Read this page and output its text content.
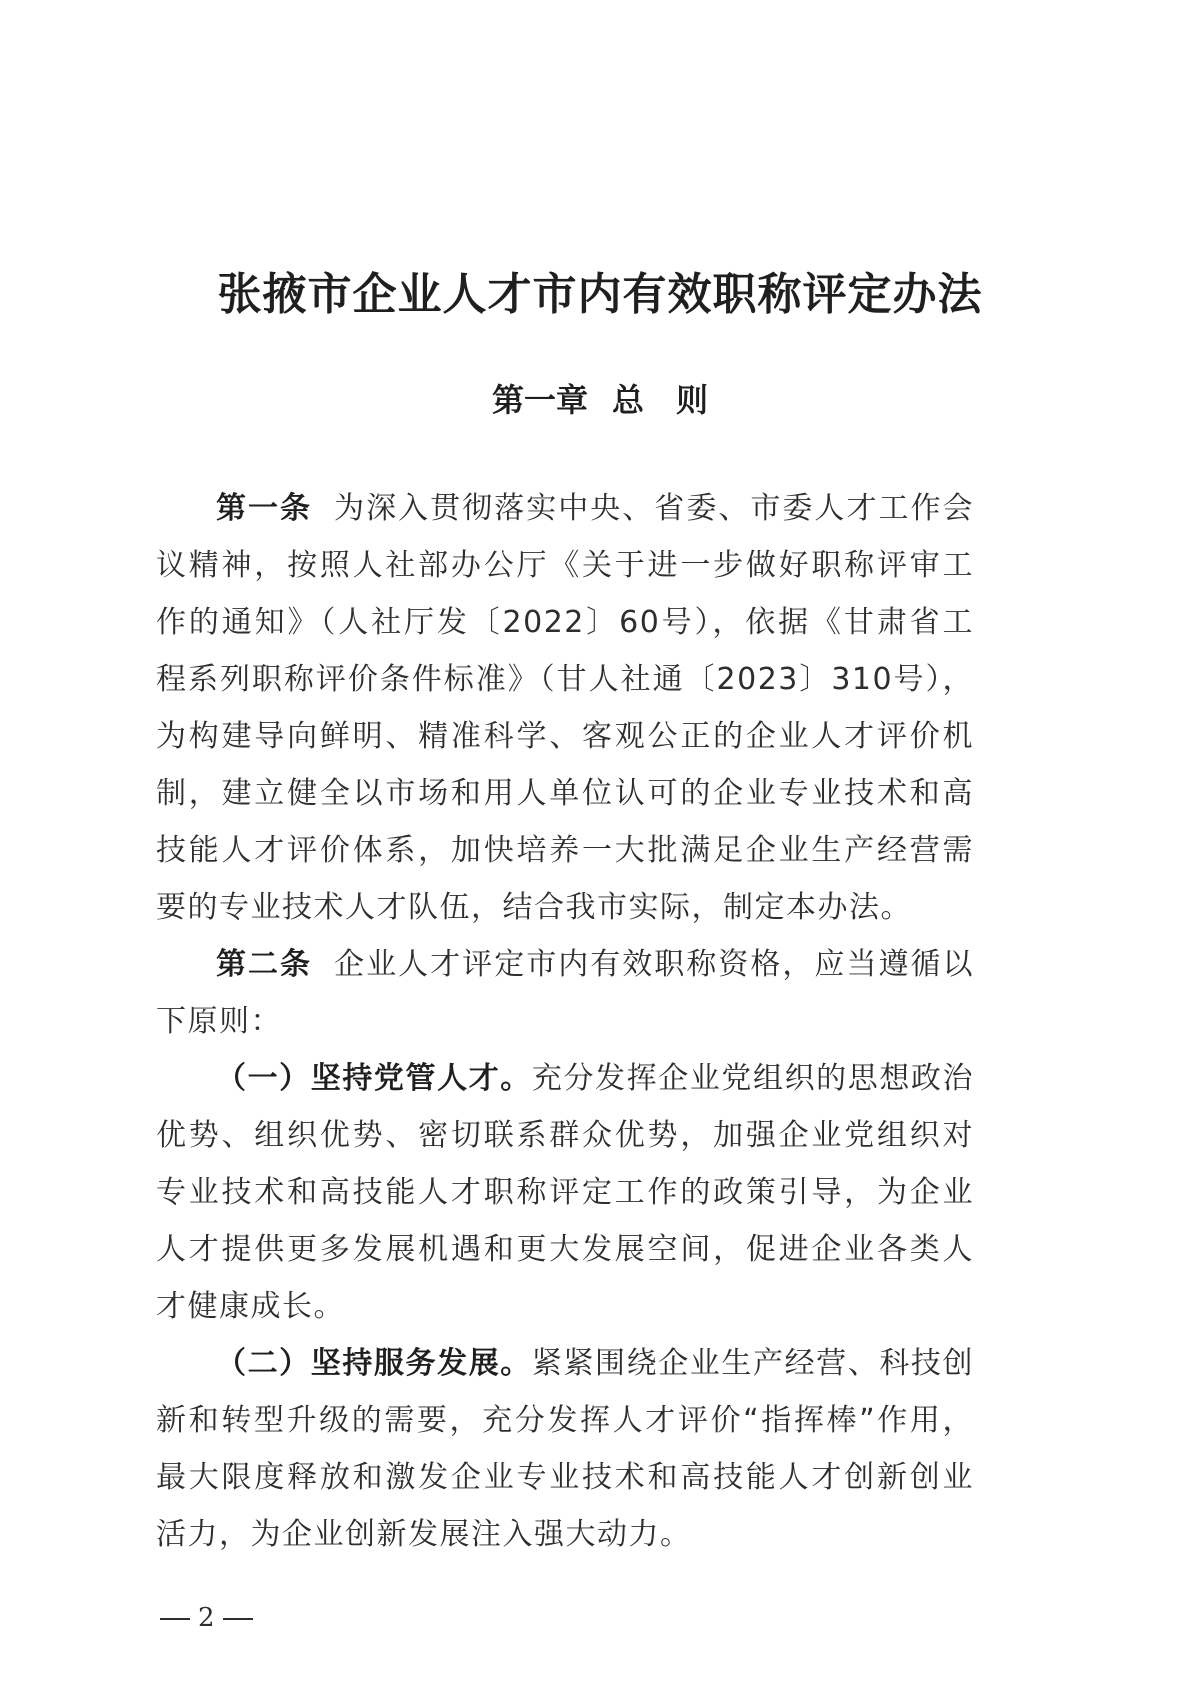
张掖市企业人才市内有效职称评定办法
第一章 总 则

第一条 为深入贯彻落实中央、省委、市委人才工作会议精神，按照人社部办公厅《关于进一步做好职称评审工作的通知》（人社厅发〔2022〕60号），依据《甘肃省工程系列职称评价条件标准》（甘人社通〔2023〕310号），为构建导向鲜明、精准科学、客观公正的企业人才评价机制，建立健全以市场和用人单位认可的企业专业技术和高技能人才评价体系，加快培养一大批满足企业生产经营需要的专业技术人才队伍，结合我市实际，制定本办法。

第二条 企业人才评定市内有效职称资格，应当遵循以下原则：

（一）坚持党管人才。充分发挥企业党组织的思想政治优势、组织优势、密切联系群众优势，加强企业党组织对专业技术和高技能人才职称评定工作的政策引导，为企业人才提供更多发展机遇和更大发展空间，促进企业各类人才健康成长。

（二）坚持服务发展。紧紧围绕企业生产经营、科技创新和转型升级的需要，充分发挥人才评价“指挥棒”作用，最大限度释放和激发企业专业技术和高技能人才创新创业活力，为企业创新发展注入强大动力。

2
